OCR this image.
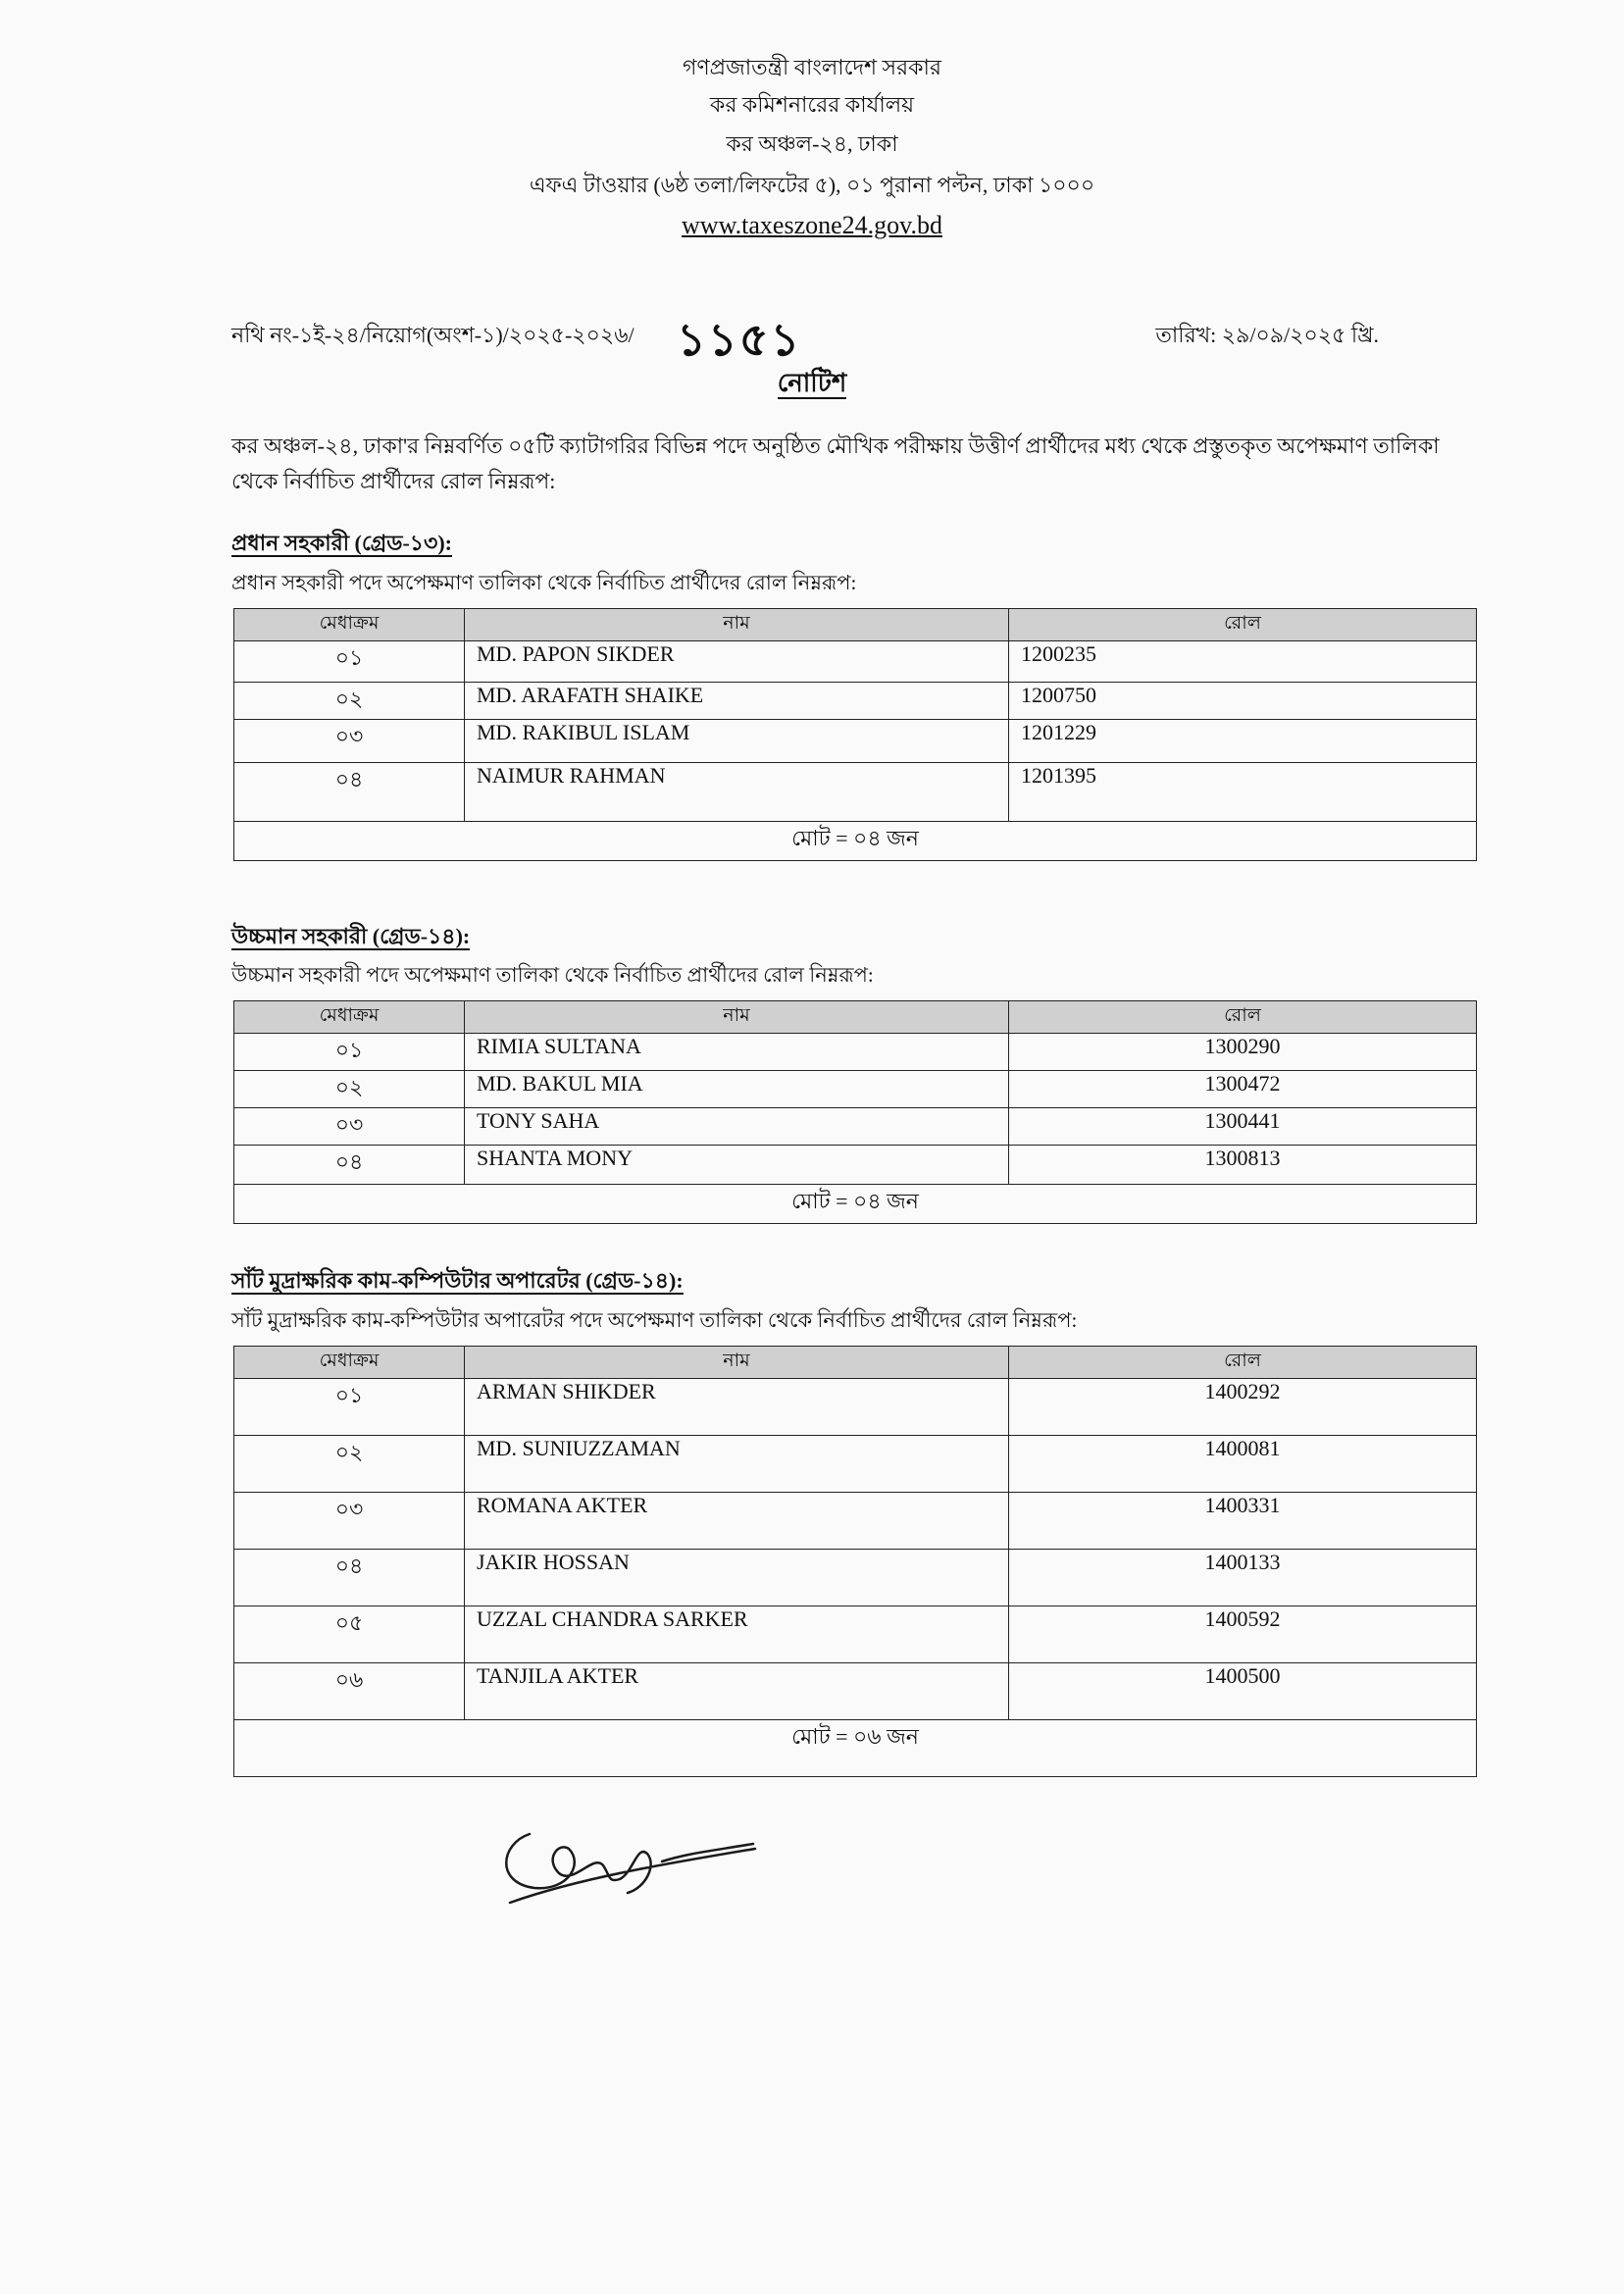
গণপ্রজাতন্ত্রী বাংলাদেশ সরকার
কর কমিশনারের কার্যালয়
কর অঞ্চল-২৪, ঢাকা
এফএ টাওয়ার (৬ষ্ঠ তলা/লিফটের ৫), ০১ পুরানা পল্টন, ঢাকা ১০০০
www.taxeszone24.gov.bd
নথি নং-১ই-২৪/নিয়োগ(অংশ-১)/২০২৫-২০২৬/ ১১৫১	তারিখ: ২৯/০৯/২০২৫ খ্রি.
নোটিশ
কর অঞ্চল-২৪, ঢাকা'র নিম্নবর্ণিত ০৫টি ক্যাটাগরির বিভিন্ন পদে অনুষ্ঠিত মৌখিক পরীক্ষায় উত্তীর্ণ প্রার্থীদের মধ্য থেকে প্রস্তুতকৃত অপেক্ষমাণ তালিকা থেকে নির্বাচিত প্রার্থীদের রোল নিম্নরূপ:
প্রধান সহকারী (গ্রেড-১৩):
প্রধান সহকারী পদে অপেক্ষমাণ তালিকা থেকে নির্বাচিত প্রার্থীদের রোল নিম্নরূপ:
মেধাক্রম	নাম	রোল
০১	MD. PAPON SIKDER	1200235
০২	MD. ARAFATH SHAIKE	1200750
০৩	MD. RAKIBUL ISLAM	1201229
০৪	NAIMUR RAHMAN	1201395
মোট = ০৪ জন		
উচ্চমান সহকারী (গ্রেড-১৪):
উচ্চমান সহকারী পদে অপেক্ষমাণ তালিকা থেকে নির্বাচিত প্রার্থীদের রোল নিম্নরূপ:
মেধাক্রম	নাম	রোল
০১	RIMIA SULTANA	1300290
০২	MD. BAKUL MIA	1300472
০৩	TONY SAHA	1300441
০৪	SHANTA MONY	1300813
মোট = ০৪ জন		
সাঁট মুদ্রাক্ষরিক কাম-কম্পিউটার অপারেটর (গ্রেড-১৪):
সাঁট মুদ্রাক্ষরিক কাম-কম্পিউটার অপারেটর পদে অপেক্ষমাণ তালিকা থেকে নির্বাচিত প্রার্থীদের রোল নিম্নরূপ:
মেধাক্রম	নাম	রোল
০১	ARMAN SHIKDER	1400292
০২	MD. SUNIUZZAMAN	1400081
০৩	ROMANA AKTER	1400331
০৪	JAKIR HOSSAN	1400133
০৫	UZZAL CHANDRA SARKER	1400592
০৬	TANJILA AKTER	1400500
মোট = ০৬ জন		
